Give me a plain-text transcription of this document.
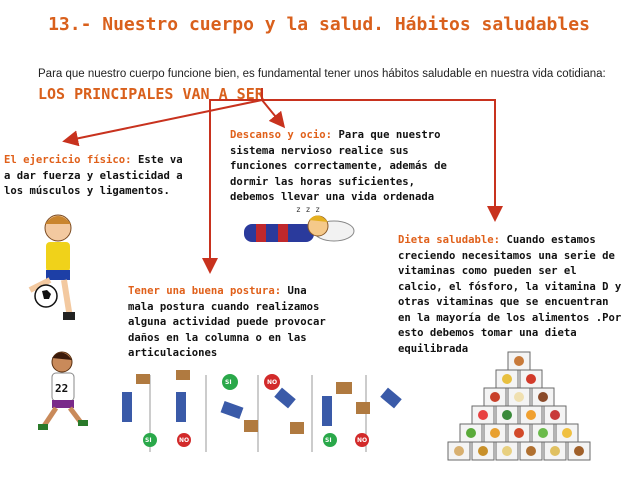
13.- Nuestro cuerpo y la salud. Hábitos saludables
Para que nuestro cuerpo funcione bien, es fundamental tener unos hábitos saludable en nuestra vida cotidiana: LOS PRINCIPALES VAN A SER
El ejercicio físico: Este va a dar fuerza y elasticidad a los músculos y ligamentos.
Descanso y ocio: Para que nuestro sistema nervioso realice sus funciones correctamente, además de dormir las horas suficientes, debemos llevar una vida ordenada
Dieta saludable: Cuando estamos creciendo necesitamos una serie de vitaminas como pueden ser el calcio, el fósforo, la vitamina D y otras vitaminas que se encuentran en la mayoría de los alimentos .Por esto debemos tomar una dieta equilibrada
Tener una buena postura: Una mala postura cuando realizamos alguna actividad puede provocar daños en la columna o en las articulaciones
z z z
22
SI	NO
SI	NO
SI	NO
